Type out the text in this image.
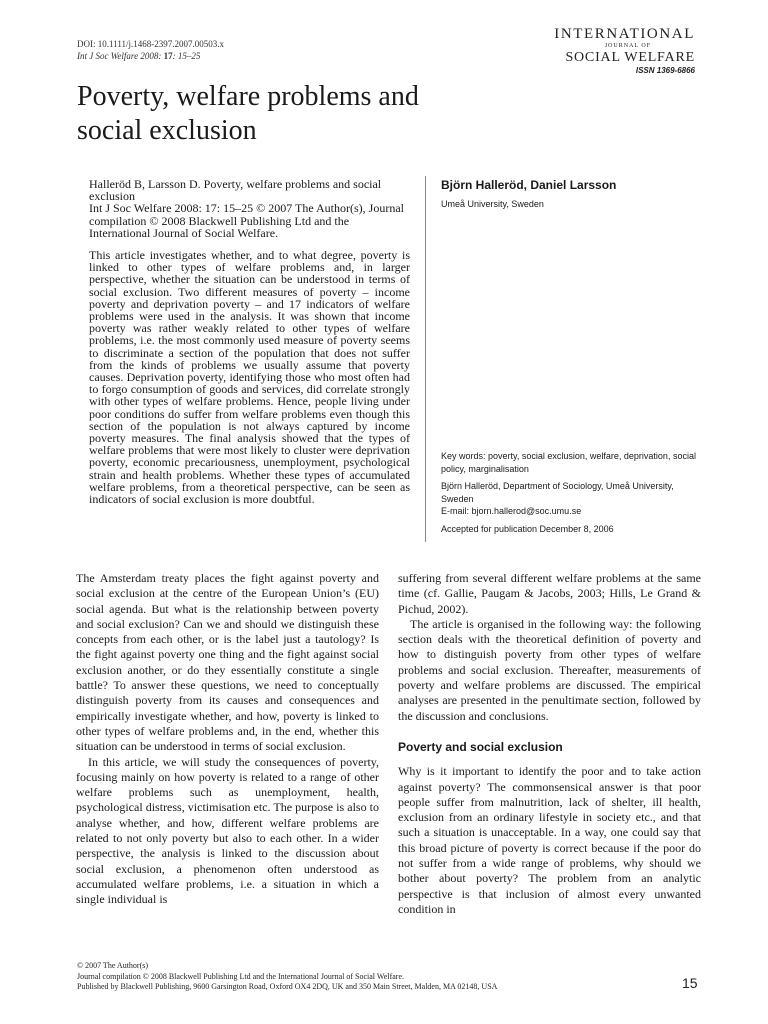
DOI: 10.1111/j.1468-2397.2007.00503.x
Int J Soc Welfare 2008: 17: 15–25
INTERNATIONAL
JOURNAL OF
SOCIAL WELFARE
ISSN 1369-6866
Poverty, welfare problems and
social exclusion

Halleröd B, Larsson D. Poverty, welfare problems and social exclusion
Int J Soc Welfare 2008: 17: 15–25 © 2007 The Author(s), Journal compilation © 2008 Blackwell Publishing Ltd and the International Journal of Social Welfare.

This article investigates whether, and to what degree, poverty is linked to other types of welfare problems and, in larger perspective, whether the situation can be understood in terms of social exclusion. Two different measures of poverty – income poverty and deprivation poverty – and 17 indicators of welfare problems were used in the analysis. It was shown that income poverty was rather weakly related to other types of welfare problems, i.e. the most commonly used measure of poverty seems to discriminate a section of the population that does not suffer from the kinds of problems we usually assume that poverty causes. Deprivation poverty, identifying those who most often had to forgo consumption of goods and services, did correlate strongly with other types of welfare problems. Hence, people living under poor conditions do suffer from welfare problems even though this section of the population is not always captured by income poverty measures. The final analysis showed that the types of welfare problems that were most likely to cluster were deprivation poverty, economic precariousness, unemployment, psychological strain and health problems. Whether these types of accumulated welfare problems, from a theoretical perspective, can be seen as indicators of social exclusion is more doubtful.

Björn Halleröd, Daniel Larsson
Umeå University, Sweden

Key words: poverty, social exclusion, welfare, deprivation, social policy, marginalisation

Björn Halleröd, Department of Sociology, Umeå University, Sweden
E-mail: bjorn.hallerod@soc.umu.se

Accepted for publication December 8, 2006

The Amsterdam treaty places the fight against poverty and social exclusion at the centre of the European Union’s (EU) social agenda. But what is the relationship between poverty and social exclusion? Can we and should we distinguish these concepts from each other, or is the label just a tautology? Is the fight against poverty one thing and the fight against social exclusion another, or do they essentially constitute a single battle? To answer these questions, we need to conceptually distinguish poverty from its causes and consequences and empirically investigate whether, and how, poverty is linked to other types of welfare problems and, in the end, whether this situation can be understood in terms of social exclusion.

In this article, we will study the consequences of poverty, focusing mainly on how poverty is related to a range of other welfare problems such as unemployment, health, psychological distress, victimisation etc. The purpose is also to analyse whether, and how, different welfare problems are related to not only poverty but also to each other. In a wider perspective, the analysis is linked to the discussion about social exclusion, a phenomenon often understood as accumulated welfare problems, i.e. a situation in which a single individual is

suffering from several different welfare problems at the same time (cf. Gallie, Paugam & Jacobs, 2003; Hills, Le Grand & Pichud, 2002).

The article is organised in the following way: the following section deals with the theoretical definition of poverty and how to distinguish poverty from other types of welfare problems and social exclusion. Thereafter, measurements of poverty and welfare problems are discussed. The empirical analyses are presented in the penultimate section, followed by the discussion and conclusions.

Poverty and social exclusion

Why is it important to identify the poor and to take action against poverty? The commonsensical answer is that poor people suffer from malnutrition, lack of shelter, ill health, exclusion from an ordinary lifestyle in society etc., and that such a situation is unacceptable. In a way, one could say that this broad picture of poverty is correct because if the poor do not suffer from a wide range of problems, why should we bother about poverty? The problem from an analytic perspective is that inclusion of almost every unwanted condition in

© 2007 The Author(s)
Journal compilation © 2008 Blackwell Publishing Ltd and the International Journal of Social Welfare.
Published by Blackwell Publishing, 9600 Garsington Road, Oxford OX4 2DQ, UK and 350 Main Street, Malden, MA 02148, USA	15
